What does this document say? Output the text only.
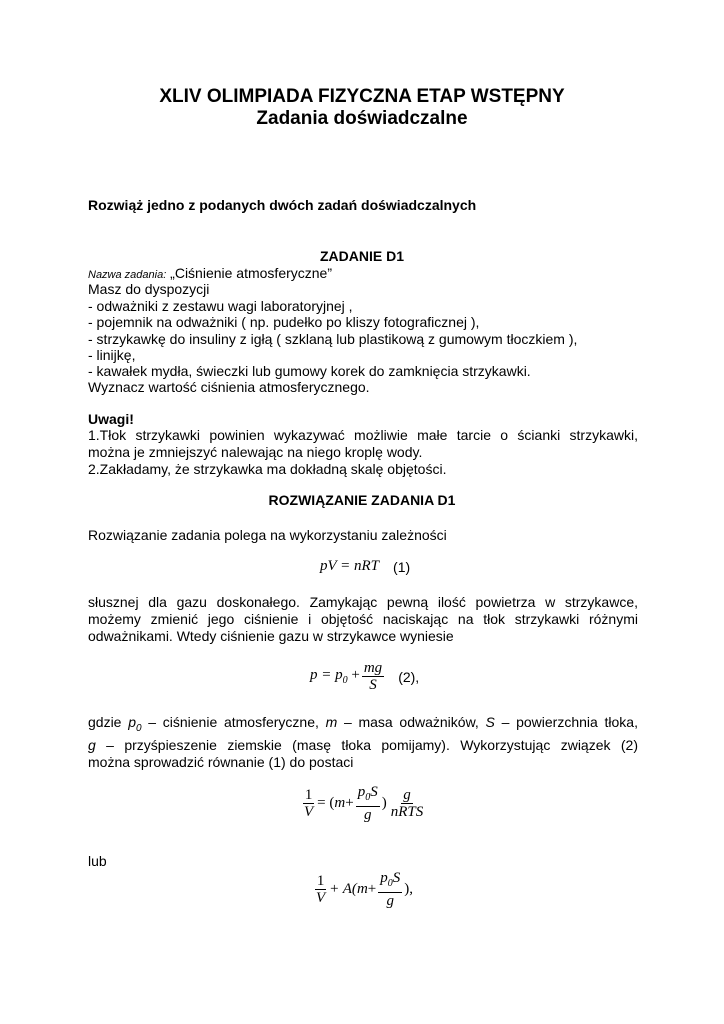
XLIV OLIMPIADA FIZYCZNA ETAP WSTĘPNY
Zadania doświadczalne
Rozwiąż jedno z podanych dwóch zadań doświadczalnych
ZADANIE D1
Nazwa zadania: „Ciśnienie atmosferyczne”
Masz do dyspozycji
- odważniki z zestawu wagi laboratoryjnej ,
- pojemnik na odważniki ( np. pudełko po kliszy fotograficznej ),
- strzykawkę do insuliny z igłą ( szklaną lub plastikową z gumowym tłoczkiem ),
- linijkę,
- kawałek mydła, świeczki lub gumowy korek do zamknięcia strzykawki.
Wyznacz wartość ciśnienia atmosferycznego.
Uwagi!
1.Tłok strzykawki powinien wykazywać możliwie małe tarcie o ścianki strzykawki,
można je zmniejszyć nalewając na niego kroplę wody.
2.Zakładamy, że strzykawka ma dokładną skalę objętości.
ROZWIĄZANIE ZADANIA D1
Rozwiązanie zadania polega na wykorzystaniu zależności
pV = nRT (1)
słusznej dla gazu doskonałego. Zamykając pewną ilość powietrza w strzykawce,
możemy zmienić jego ciśnienie i objętość naciskając na tłok strzykawki różnymi
odważnikami. Wtedy ciśnienie gazu w strzykawce wyniesie
$p = p_0 + \frac{mg}{S} (2)$,
gdzie $p_0$ – ciśnienie atmosferyczne, m – masa odważników, S – powierzchnia tłoka,
g – przyśpieszenie ziemskie (masę tłoka pomijamy). Wykorzystując związek (2)
można sprowadzić równanie (1) do postaci
$\frac{1}{V}$ = ( $m + \frac{p_0S}{g}$ ) $\frac{g}{\text{nRTS}}$
lub
$\frac{1}{V} + A$( $m + \frac{p_0S}{g}$ ),
